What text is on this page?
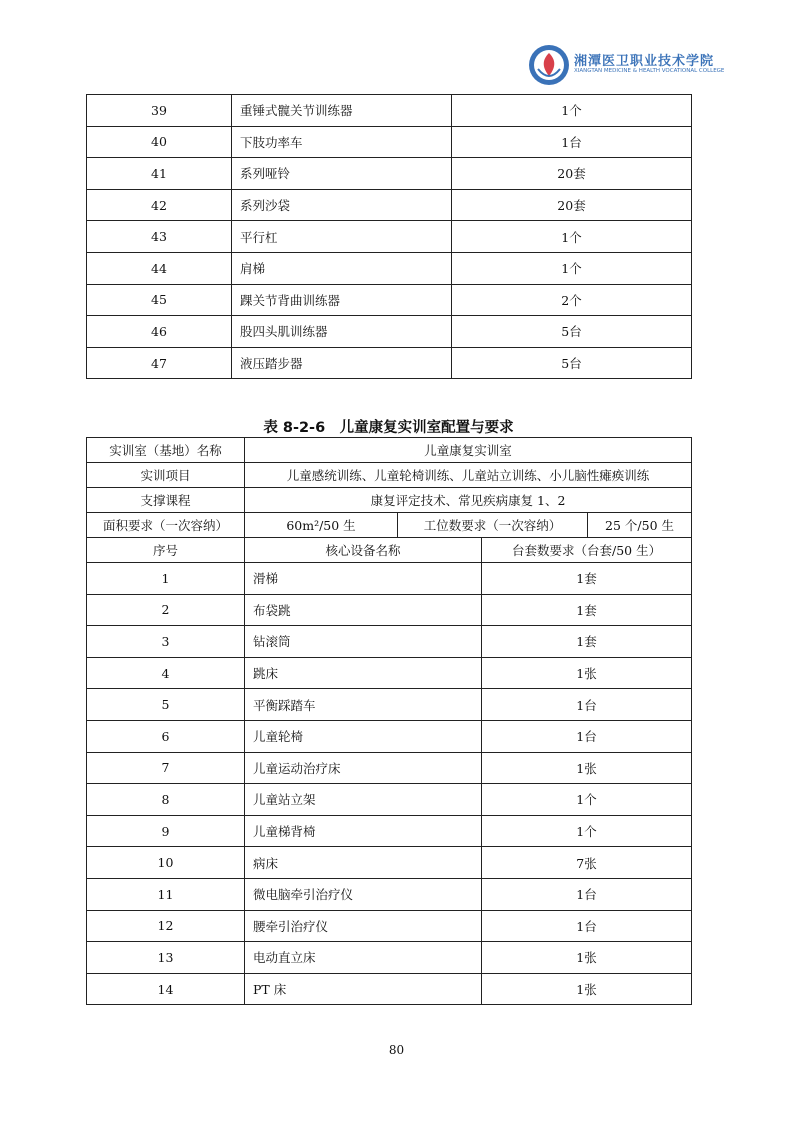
湘潭医卫职业技术学院
XIANGTAN MEDICINE & HEALTH VOCATIONAL COLLEGE
39	重锤式髋关节训练器	1个
40	下肢功率车	1台
41	系列哑铃	20套
42	系列沙袋	20套
43	平行杠	1个
44	肩梯	1个
45	踝关节背曲训练器	2个
46	股四头肌训练器	5台
47	液压踏步器	5台
表 8-2-6　儿童康复实训室配置与要求
实训室（基地）名称	儿童康复实训室			
实训项目	儿童感统训练、儿童轮椅训练、儿童站立训练、小儿脑性瘫痪训练			
支撑课程	康复评定技术、常见疾病康复 1、2			
面积要求（一次容纳）	60m²/50 生	工位数要求（一次容纳）		25 个/50 生
序号	核心设备名称		台套数要求（台套/50 生）	
1	滑梯		1套	
2	布袋跳		1套	
3	钻滚筒		1套	
4	跳床		1张	
5	平衡踩踏车		1台	
6	儿童轮椅		1台	
7	儿童运动治疗床		1张	
8	儿童站立架		1个	
9	儿童梯背椅		1个	
10	病床		7张	
11	微电脑牵引治疗仪		1台	
12	腰牵引治疗仪		1台	
13	电动直立床		1张	
14	PT 床		1张	
80
